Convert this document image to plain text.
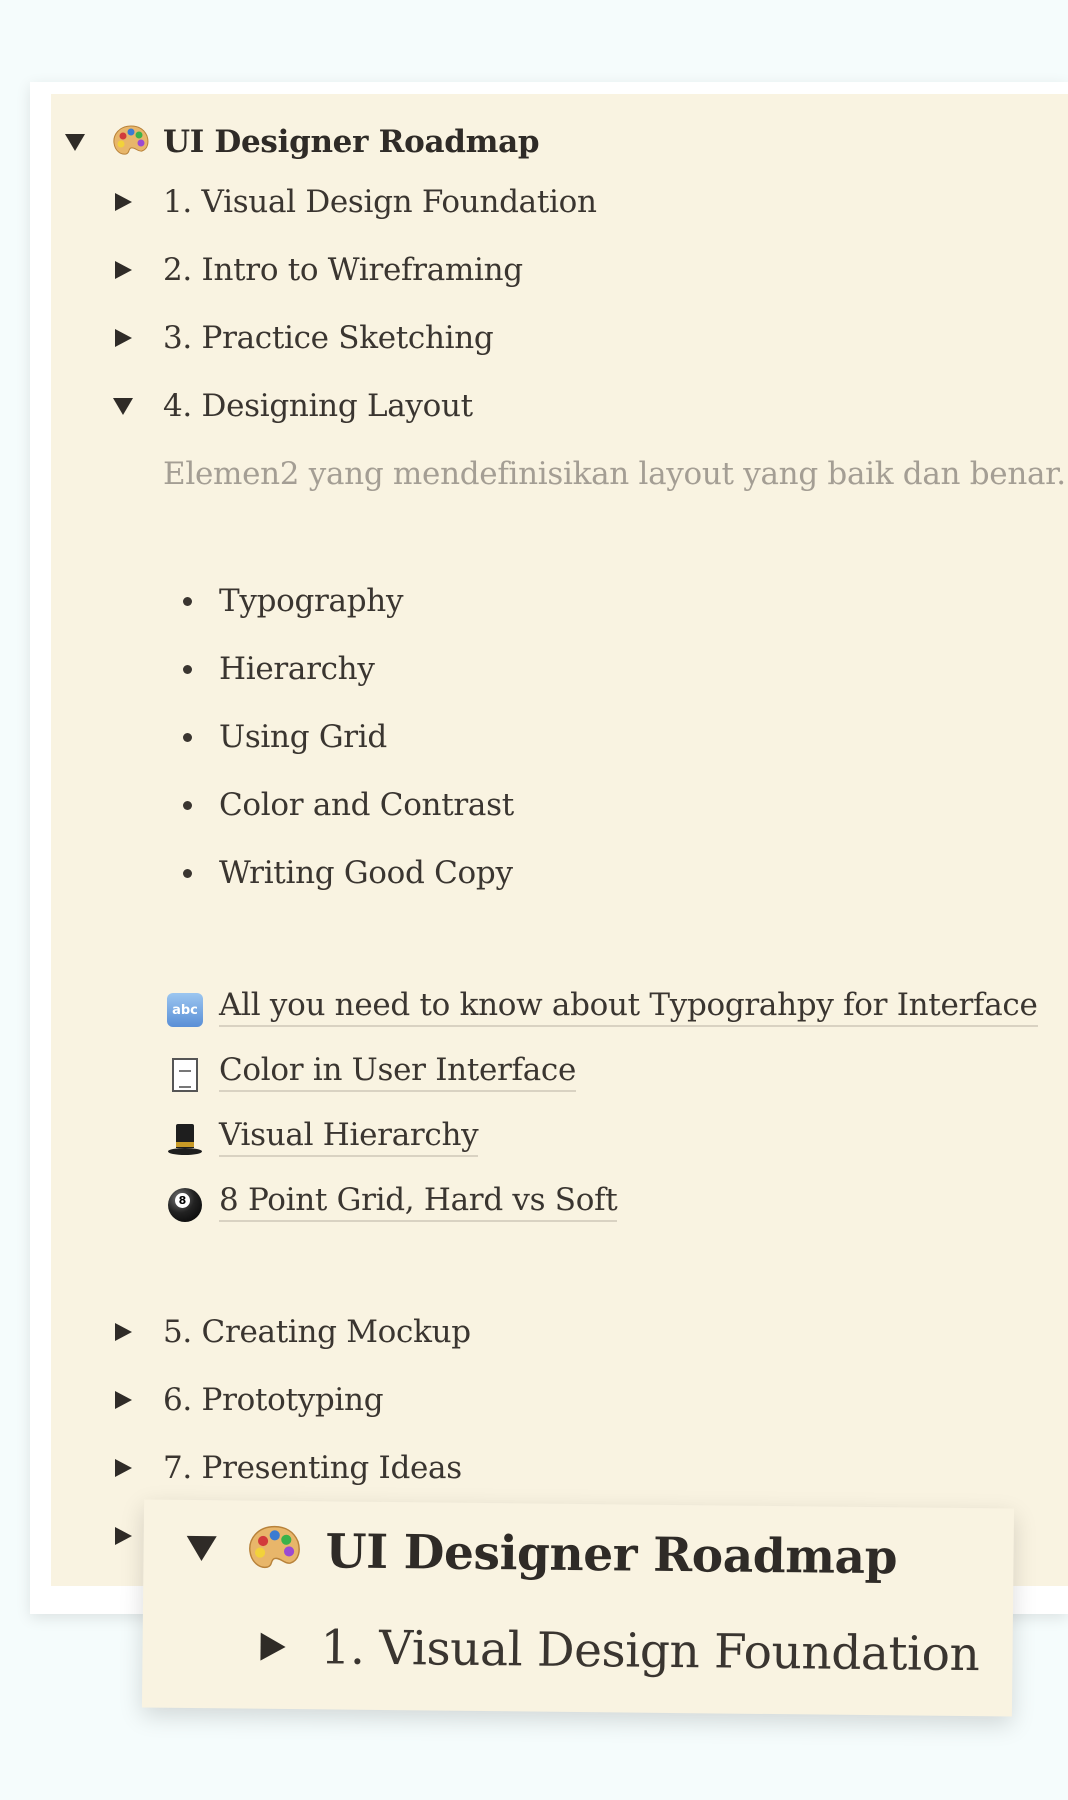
UI Designer Roadmap
1. Visual Design Foundation
2. Intro to Wireframing
3. Practice Sketching
4. Designing Layout
Elemen2 yang mendefinisikan layout yang baik dan benar.
Typography
Hierarchy
Using Grid
Color and Contrast
Writing Good Copy
abc All you need to know about Typograhpy for Interface
Color in User Interface
Visual Hierarchy
8 8 Point Grid, Hard vs Soft
5. Creating Mockup
6. Prototyping
7. Presenting Ideas
UI Designer Roadmap
1. Visual Design Foundation
